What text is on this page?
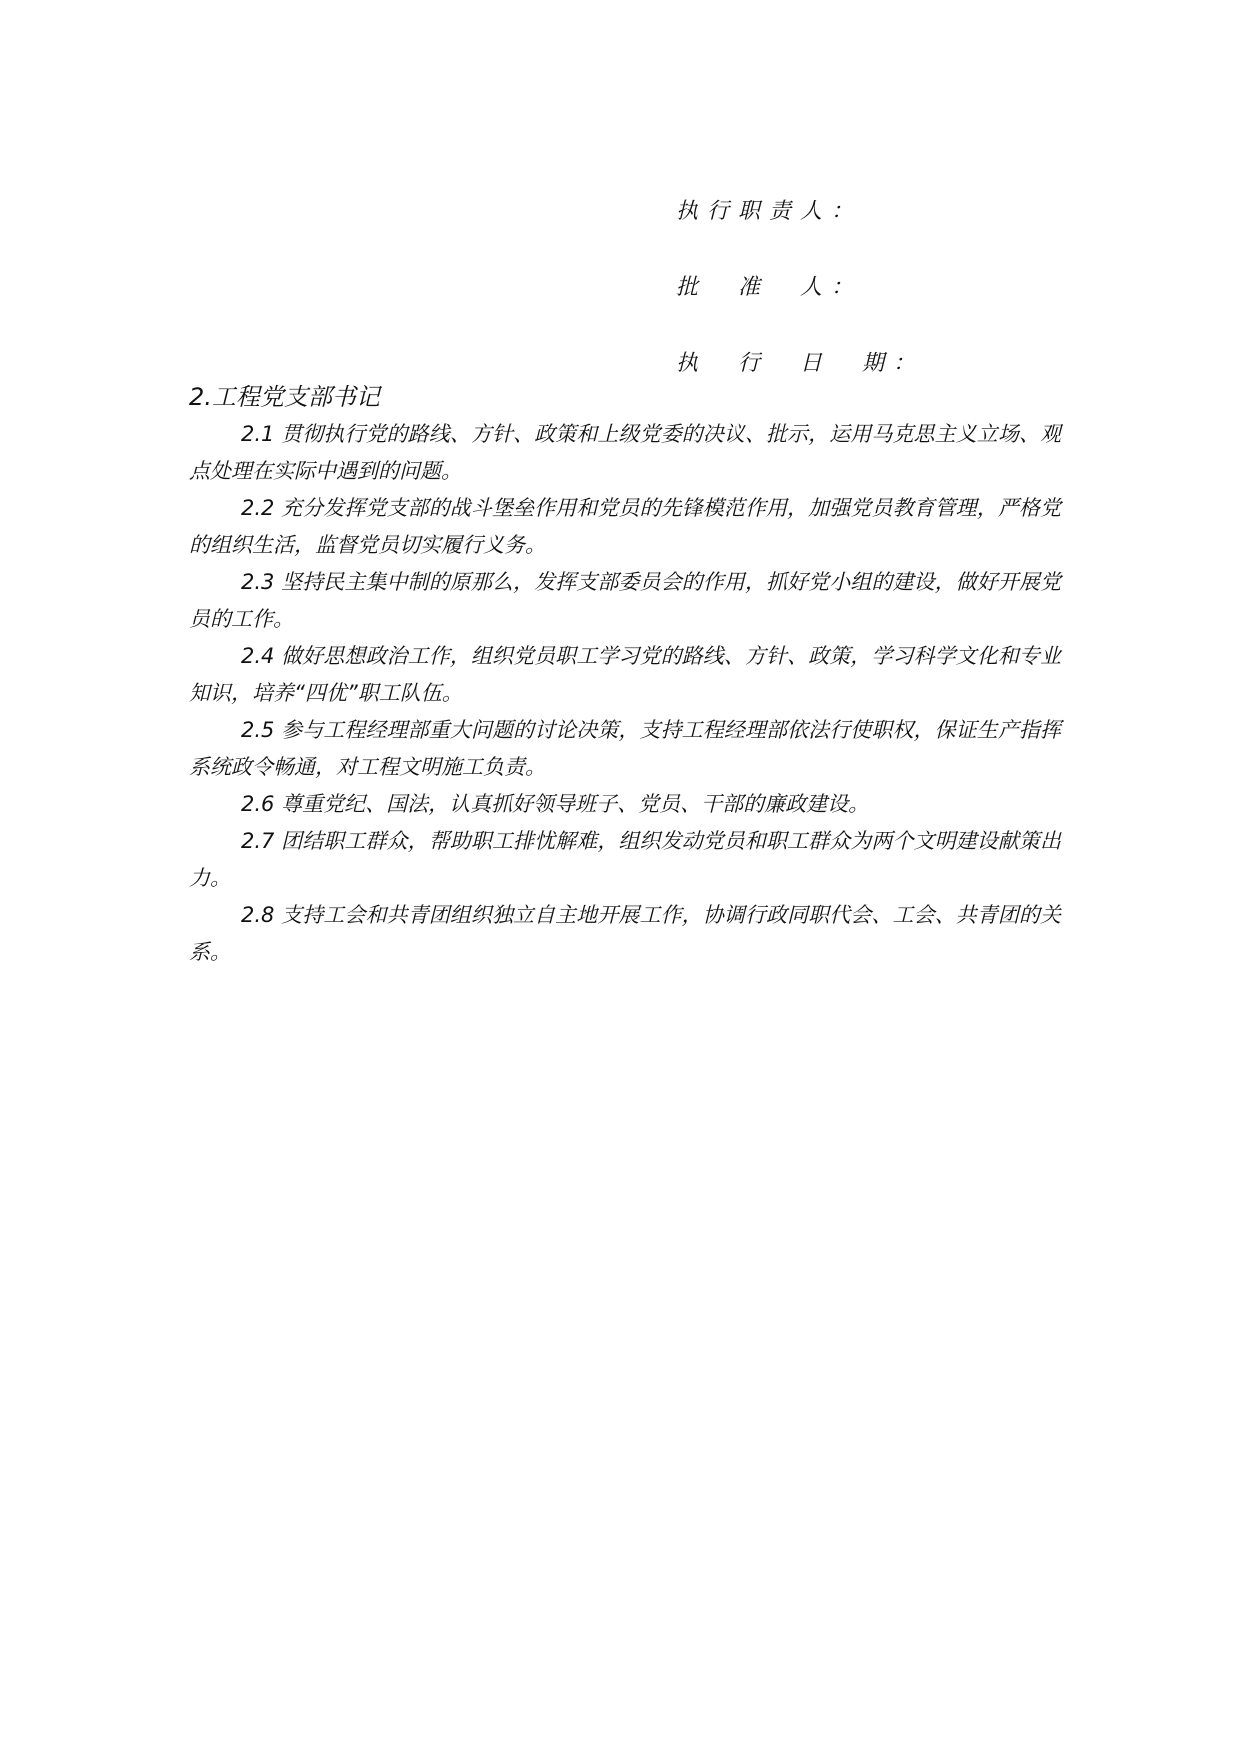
执行职责人：
批　准　人：
执　行　日　期：
2.工程党支部书记

2.1 贯彻执行党的路线、方针、政策和上级党委的决议、批示，运用马克思主义立场、观点处理在实际中遇到的问题。

2.2 充分发挥党支部的战斗堡垒作用和党员的先锋模范作用，加强党员教育管理，严格党的组织生活，监督党员切实履行义务。

2.3 坚持民主集中制的原那么，发挥支部委员会的作用，抓好党小组的建设，做好开展党员的工作。

2.4 做好思想政治工作，组织党员职工学习党的路线、方针、政策，学习科学文化和专业知识，培养“四优”职工队伍。

2.5 参与工程经理部重大问题的讨论决策，支持工程经理部依法行使职权，保证生产指挥系统政令畅通，对工程文明施工负责。

2.6 尊重党纪、国法，认真抓好领导班子、党员、干部的廉政建设。

2.7 团结职工群众，帮助职工排忧解难，组织发动党员和职工群众为两个文明建设献策出力。

2.8 支持工会和共青团组织独立自主地开展工作，协调行政同职代会、工会、共青团的关系。
